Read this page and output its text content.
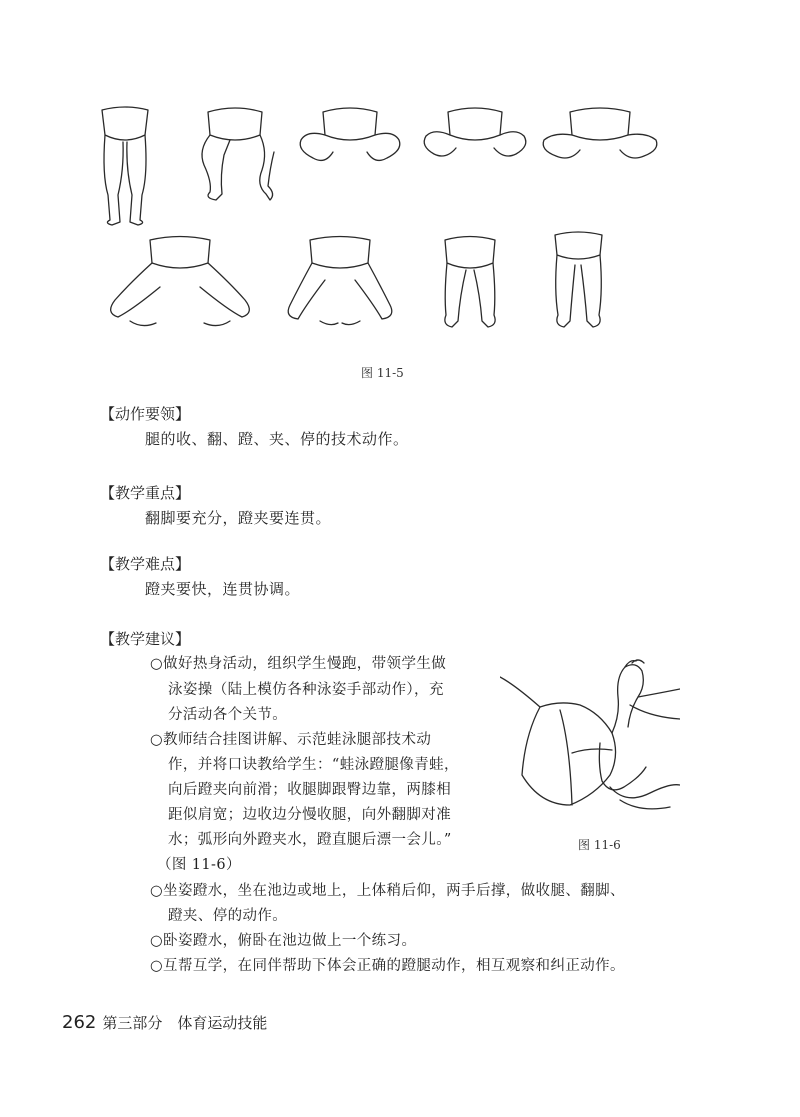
图 11-5
【动作要领】
腿的收、翻、蹬、夹、停的技术动作。
【教学重点】
翻脚要充分，蹬夹要连贯。
【教学难点】
蹬夹要快，连贯协调。
【教学建议】
○做好热身活动，组织学生慢跑，带领学生做
泳姿操（陆上模仿各种泳姿手部动作），充
分活动各个关节。
○教师结合挂图讲解、示范蛙泳腿部技术动
作，并将口诀教给学生：“蛙泳蹬腿像青蛙，
向后蹬夹向前滑；收腿脚跟臀边靠，两膝相
距似肩宽；边收边分慢收腿，向外翻脚对准
水；弧形向外蹬夹水，蹬直腿后漂一会儿。”
（图 11-6）
图 11-6
○坐姿蹬水，坐在池边或地上，上体稍后仰，两手后撑，做收腿、翻脚、
蹬夹、停的动作。
○卧姿蹬水，俯卧在池边做上一个练习。
○互帮互学，在同伴帮助下体会正确的蹬腿动作，相互观察和纠正动作。
262 第三部分　体育运动技能
